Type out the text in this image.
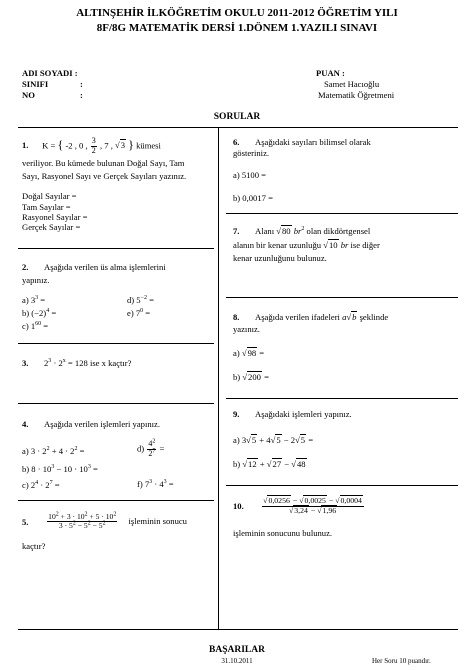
ALTINŞEHİR İLKÖĞRETİM OKULU 2011-2012 ÖĞRETİM YILI
8F/8G MATEMATİK DERSİ 1.DÖNEM 1.YAZILI SINAVI
ADI SOYADI :
SINIFI	:
NO	:
PUAN :
Samet Hacıoğlu
Matematik Öğretmeni
SORULAR
1. K = { -2 , 0 , $\frac{3}{2}$ , 7 , √ 3 } kümesi
veriliyor. Bu kümede bulunan Doğal Sayı, Tam
Sayı, Rasyonel Sayı ve Gerçek Sayıları yazınız.
Doğal Sayılar =
Tam Sayılar =
Rasyonel Sayılar =
Gerçek Sayılar =
2. Aşağıda verilen üs alma işlemlerini
yapınız.
a) $3^3$ =
b) $(-2)^4$ =
c) $1^{60}$ =
d) $5^{-2}$ =
e) $7^0$ =
3. $2^3 \cdot 2^x = 128$ ise x kaçtır?
4. Aşağıda verilen işlemleri yapınız.
a) $3 \cdot 2^2 + 4 \cdot 2^2$ =
b) $8 \cdot 10^3 - 10 \cdot 10^3$ =
c) $2^4 \cdot 2^7$ =
$d) \frac{4^2}{2^7}$ =
f) $7^3 \cdot 4^3$ =
5. $\frac{10^2 + 3 \cdot 10^2 + 5 \cdot 10^2}{3 \cdot 5^2 - 5^2 - 5^2}$ işleminin sonucu
kaçtır?
6. Aşağıdaki sayıları bilimsel olarak
gösteriniz.
a) 5100 =
b) 0,0017 =
7. Alanı √ 80 $br^2$ olan dikdörtgensel
alanın bir kenar uzunluğu √ 10 br ise diğer
kenar uzunluğunu bulunuz.
8. Aşağıda verilen ifadeleri a √ b şeklinde
yazınız.
a) √ 98 =
b) √ 200 =
9. Aşağıdaki işlemleri yapınız.
a) 3 √ 5 + 4 √ 5 − 2 √ 5 =
b) √ 12 + √ 27 − √ 48
10. √ 0,0256 − √ 0,0025 − √ 0,0004
√ 3,24 − √ 1,96
işleminin sonucunu bulunuz.
BAŞARILAR
31.10.2011	Her Soru 10 puandır.
